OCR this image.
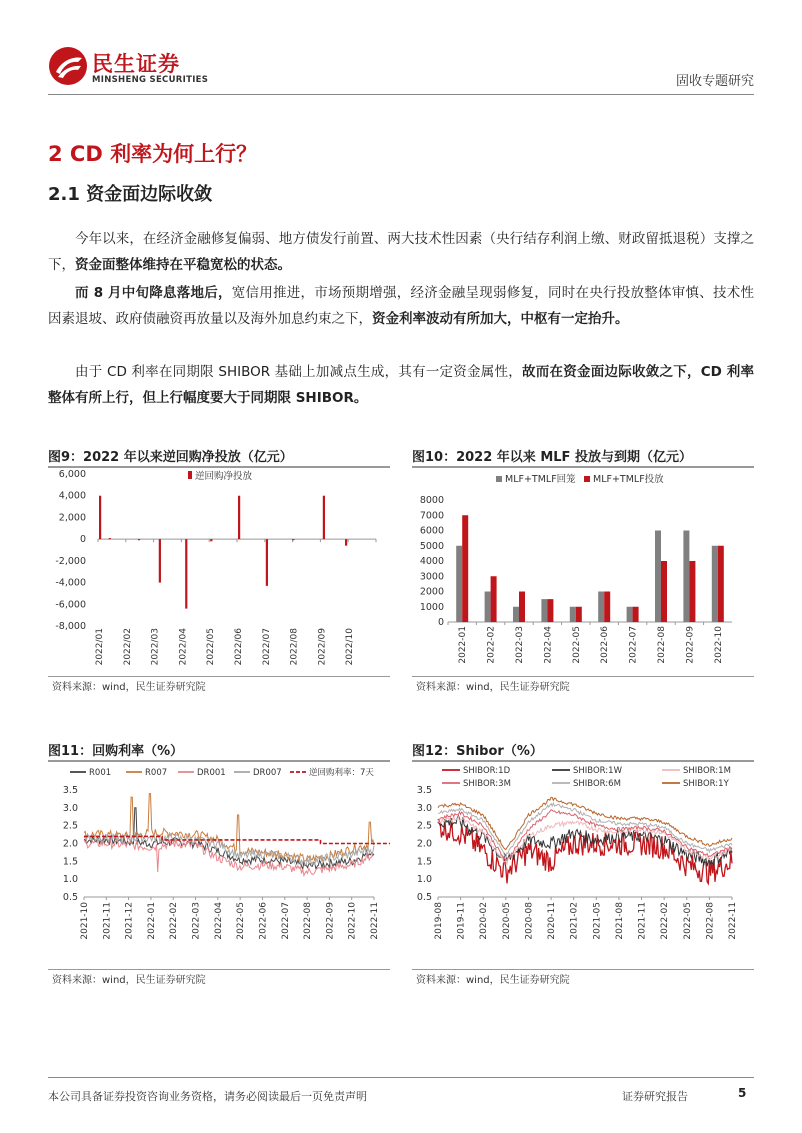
民生证券
MINSHENG SECURITIES	固收专题研究
2 CD 利率为何上行？
2.1 资金面边际收敛

今年以来，在经济金融修复偏弱、地方债发行前置、两大技术性因素（央行结存利润上缴、财政留抵退税）支撑之下，资金面整体维持在平稳宽松的状态。

而 8 月中旬降息落地后，宽信用推进，市场预期增强，经济金融呈现弱修复，同时在央行投放整体审慎、技术性因素退坡、政府债融资再放量以及海外加息约束之下，资金利率波动有所加大，中枢有一定抬升。

由于 CD 利率在同期限 SHIBOR 基础上加减点生成，其有一定资金属性，故而在资金面边际收敛之下，CD 利率整体有所上行，但上行幅度要大于同期限 SHIBOR。

图9：2022 年以来逆回购净投放（亿元）
6,000
4,000
2,000
0
-2,000
-4,000
-6,000
-8,000
2022/01 2022/02 2022/03 2022/04 2022/05 2022/06 2022/07 2022/08 2022/09 2022/10
逆回购净投放
资料来源：wind，民生证券研究院
图10：2022 年以来 MLF 投放与到期（亿元）
8000
7000
6000
5000
4000
3000
2000
1000
0
2022-01 2022-02 2022-03 2022-04 2022-05 2022-06 2022-07 2022-08 2022-09 2022-10
MLF+TMLF回笼 MLF+TMLF投放
资料来源：wind，民生证券研究院
图11：回购利率（%）
3.5
3.0
2.5
2.0
1.5
1.0
0.5
2021-10 2021-11 2021-12 2022-01 2022-02 2022-03 2022-04 2022-05 2022-06 2022-07 2022-08 2022-09 2022-10 2022-11
R001	R007	DR001	DR007	逆回购利率：7天
资料来源：wind，民生证券研究院
图12：Shibor（%）
3.5
3.0
2.5
2.0
1.5
1.0
0.5
2019-08 2019-11 2020-02 2020-05 2020-08 2020-11 2021-02 2021-05 2021-08 2021-11 2022-02 2022-05 2022-08 2022-11
SHIBOR:1D	SHIBOR:1W	SHIBOR:1M
SHIBOR:3M	SHIBOR:6M	SHIBOR:1Y
资料来源：wind，民生证券研究院
本公司具备证券投资咨询业务资格，请务必阅读最后一页免责声明	证券研究报告	5
